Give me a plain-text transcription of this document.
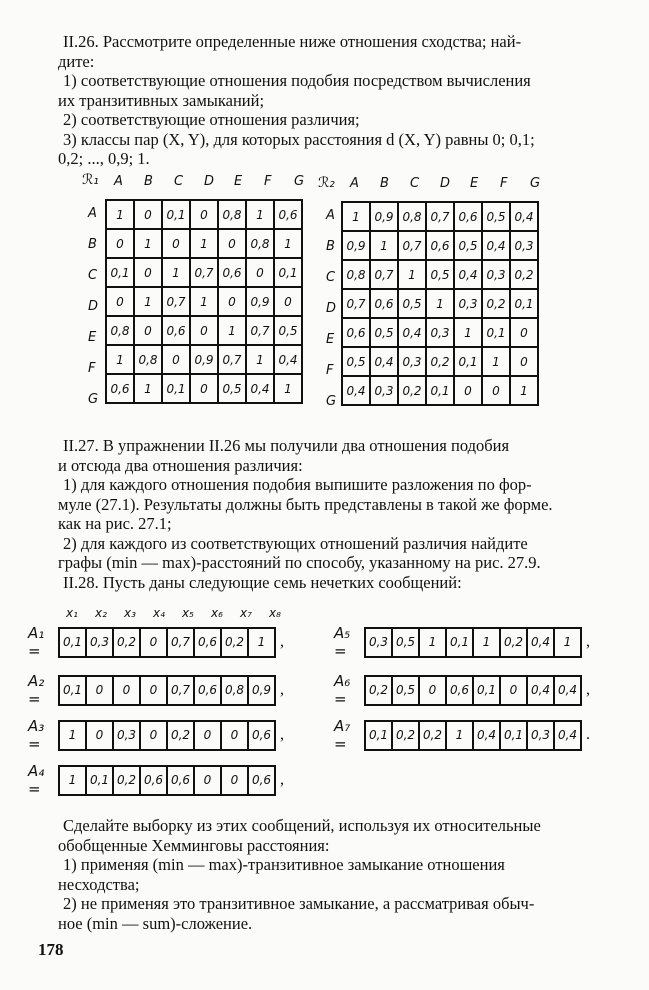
II.26. Рассмотрите определенные ниже отношения сходства; най-

дите:

1) соответствующие отношения подобия посредством вычисления

их транзитивных замыканий;

2) соответствующие отношения различия;

3) классы пар (X, Y), для которых расстояния d (X, Y) равны 0; 0,1;

0,2; ..., 0,9; 1.

ℛ₁ A B C D E F G
A
B
C
D
E
F
G
1	0	0,1	0	0,8	1	0,6
0	1	0	1	0	0,8	1
0,1	0	1	0,7	0,6	0	0,1
0	1	0,7	1	0	0,9	0
0,8	0	0,6	0	1	0,7	0,5
1	0,8	0	0,9	0,7	1	0,4
0,6	1	0,1	0	0,5	0,4	1
ℛ₂ A B C D E F G
A
B
C
D
E
F
G
1	0,9	0,8	0,7	0,6	0,5	0,4
0,9	1	0,7	0,6	0,5	0,4	0,3
0,8	0,7	1	0,5	0,4	0,3	0,2
0,7	0,6	0,5	1	0,3	0,2	0,1
0,6	0,5	0,4	0,3	1	0,1	0
0,5	0,4	0,3	0,2	0,1	1	0
0,4	0,3	0,2	0,1	0	0	1

II.27. В упражнении II.26 мы получили два отношения подобия

и отсюда два отношения различия:

1) для каждого отношения подобия выпишите разложения по фор-

муле (27.1). Результаты должны быть представлены в такой же форме.

как на рис. 27.1;

2) для каждого из соответствующих отношений различия найдите

графы (min — max)-расстояний по способу, указанному на рис. 27.9.

II.28. Пусть даны следующие семь нечетких сообщений:

x₁ x₂ x₃ x₄ x₅ x₆ x₇ x₈
A₁ =	0,1	0,3	0,2	0	0,7	0,6	0,2	1 ,
A₂ =	0,1	0	0	0	0,7	0,6	0,8	0,9 ,
A₃ =	1	0	0,3	0	0,2	0	0	0,6 ,
A₄ =	1	0,1	0,2	0,6	0,6	0	0	0,6 ,
A₅ =	0,3	0,5	1	0,1	1	0,2	0,4	1 ,
A₆ =	0,2	0,5	0	0,6	0,1	0	0,4	0,4 ,
A₇ =	0,1	0,2	0,2	1	0,4	0,1	0,3	0,4 .

Сделайте выборку из этих сообщений, используя их относительные

обобщенные Хемминговы расстояния:

1) применяя (min — max)-транзитивное замыкание отношения

несходства;

2) не применяя это транзитивное замыкание, а рассматривая обыч-

ное (min — sum)-сложение.

178
